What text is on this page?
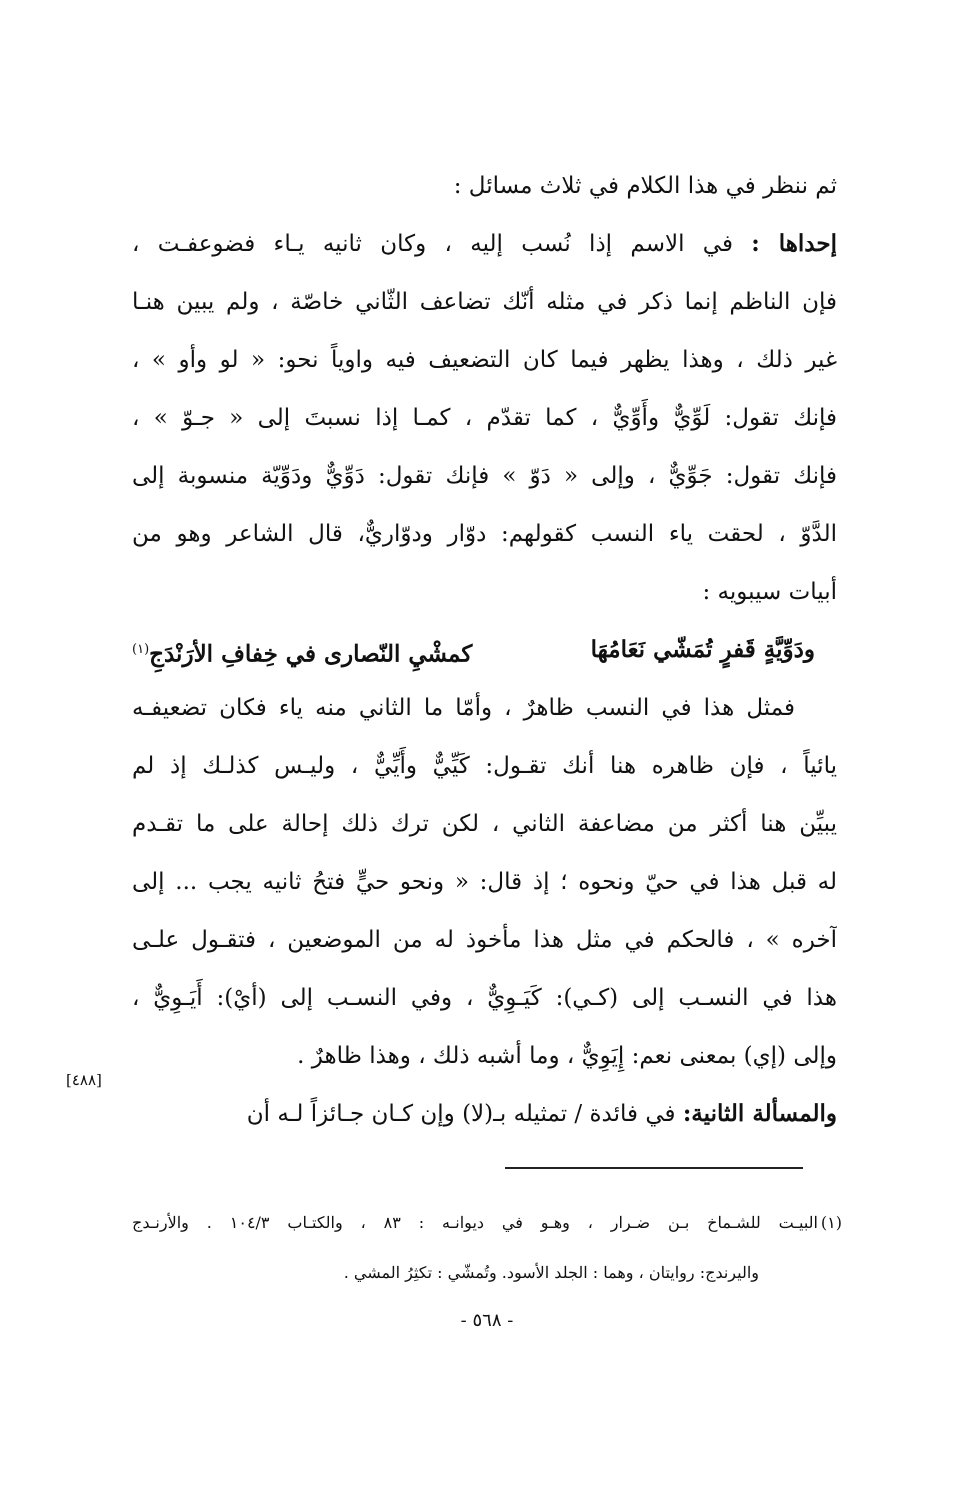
ثم ننظر في هذا الكلام في ثلاث مسائل :
إحداها : في الاسم إذا نُسب إليه ، وكان ثانيه يـاء فضوعفـت ،
فإن الناظم إنما ذكر في مثله أنّك تضاعف الثّاني خاصّة ، ولم يبين هنـا
غير ذلك ، وهذا يظهر فيما كان التضعيف فيه واوياً نحو: « لو وأو » ،
فإنك تقول: لَوِّيٌّ وأَوِّيٌّ ، كما تقدّم ، كمـا إذا نسبتَ إلى « جـوّ » ،
فإنك تقول: جَوِّيٌّ ، وإلى « دَوّ » فإنك تقول: دَوِّيٌّ ودَوِّيّة منسوبة إلى
الدَّوّ ، لحقت ياء النسب كقولهم: دوّار ودوّاريٌّ، قال الشاعر وهو من
أبيات سيبويه :
ودَوِّيَّةٍ قَفرٍ تُمَشّي نَعَامُهَا
كمشْيِ النّصارى في خِفافِ الأرَنْدَجِ$^{(١)}$
فمثل هذا في النسب ظاهرٌ ، وأمّا ما الثاني منه ياء فكان تضعيفـه
يائياً ، فإن ظاهره هنا أنك تقـول: كَيِّيٌّ وأَيِّيٌّ ، وليـس كذلـك إذ لم
يبيِّن هنا أكثر من مضاعفة الثاني ، لكن ترك ذلك إحالة على ما تقـدم
له قبل هذا في حيّ ونحوه ؛ إذ قال: « ونحو حيٍّ فتحُ ثانيه يجب ... إلى
آخره » ، فالحكم في مثل هذا مأخوذ له من الموضعين ، فتقـول علـى
هذا في النسـب إلى (كـي): كَيَـوِيٌّ ، وفي النسـب إلى (أيْ): أَيَـوِيٌّ ،
وإلى (إي) بمعنى نعم: إِيَوِيٌّ ، وما أشبه ذلك ، وهذا ظاهرٌ .
والمسألة الثانية: في فائدة / تمثيله بـ(لا) وإن كـان جـائزاً لـه أن
[٤٨٨]
(١)
البيـت للشـماخ بـن ضـرار ، وهـو في ديوانـه : ٨٣ ، والكتـاب ١٠٤/٣ . والأرنـدج
واليرندج: روايتان ، وهما : الجلد الأسود. وتُمشّي : تكثِرُ المشي .
- ٥٦٨ -
